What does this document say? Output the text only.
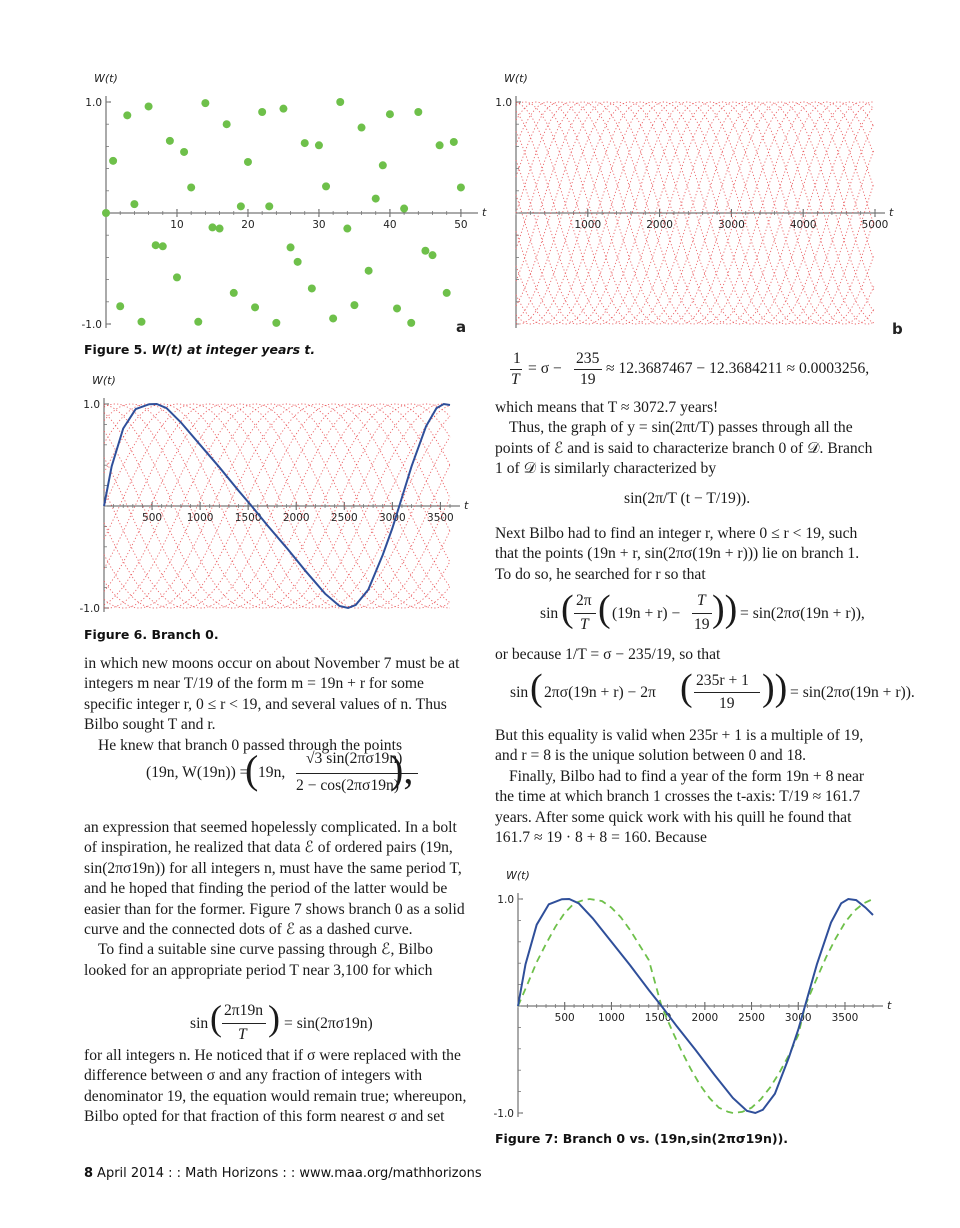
t
W(t)
10	20	30	40	50
1.0
-1.0	a
t
W(t)
1000	2000	3000	4000	5000
1.0
b
Figure 5. W(t) at integer years t.
t
W(t)
500 1000 1500 2000 2500 3000 3500
1.0
-1.0
Figure 6. Branch 0.

in which new moons occur on about November 7 must be at integers m near T/19 of the form m = 19n + r for some specific integer r, 0 ≤ r < 19, and several values of n. Thus Bilbo sought T and r.

He knew that branch 0 passed through the points

(19n, W(19n)) =
( 19n,
√3 sin(2πσ19n)
2 − cos(2πσ19n)
),

an expression that seemed hopelessly complicated. In a bolt of inspiration, he realized that data ℰ of ordered pairs (19n, sin(2πσ19n)) for all integers n, must have the same period T, and he hoped that finding the period of the latter would be easier than for the former. Figure 7 shows branch 0 as a solid curve and the connected dots of ℰ as a dashed curve.

To find a suitable sine curve passing through ℰ, Bilbo looked for an appropriate period T near 3,100 for which

sin ( 2π19n
T ) = sin(2πσ19n)

for all integers n. He noticed that if σ were replaced with the difference between σ and any fraction of integers with denominator 19, the equation would remain true; whereupon, Bilbo opted for that fraction of this form nearest σ and set

1
T
= σ −
235
19
≈ 12.3687467 − 12.3684211 ≈ 0.0003256,

which means that T ≈ 3072.7 years!

Thus, the graph of y = sin(2πt/T) passes through all the points of ℰ and is said to characterize branch 0 of 𝒟. Branch 1 of 𝒟 is similarly characterized by

sin(2π/T (t − T/19)).

Next Bilbo had to find an integer r, where 0 ≤ r < 19, such that the points (19n + r, sin(2πσ(19n + r))) lie on branch 1. To do so, he searched for r so that

sin ( 2π
T ( (19n + r) −
T
19 )) = sin(2πσ(19n + r)),

or because 1/T = σ − 235/19, so that

sin ( 2πσ(19n + r) − 2π ( 235r + 1
19 )) = sin(2πσ(19n + r)).

But this equality is valid when 235r + 1 is a multiple of 19, and r = 8 is the unique solution between 0 and 18.

Finally, Bilbo had to find a year of the form 19n + 8 near the time at which branch 1 crosses the t-axis: T/19 ≈ 161.7 years. After some quick work with his quill he found that 161.7 ≈ 19 · 8 + 8 = 160. Because

t
W(t)
500 1000 1500 2000 2500 3000 3500
1.0
-1.0
Figure 7: Branch 0 vs. (19n,sin(2πσ19n)).
8 April 2014 : : Math Horizons : : www.maa.org/mathhorizons
